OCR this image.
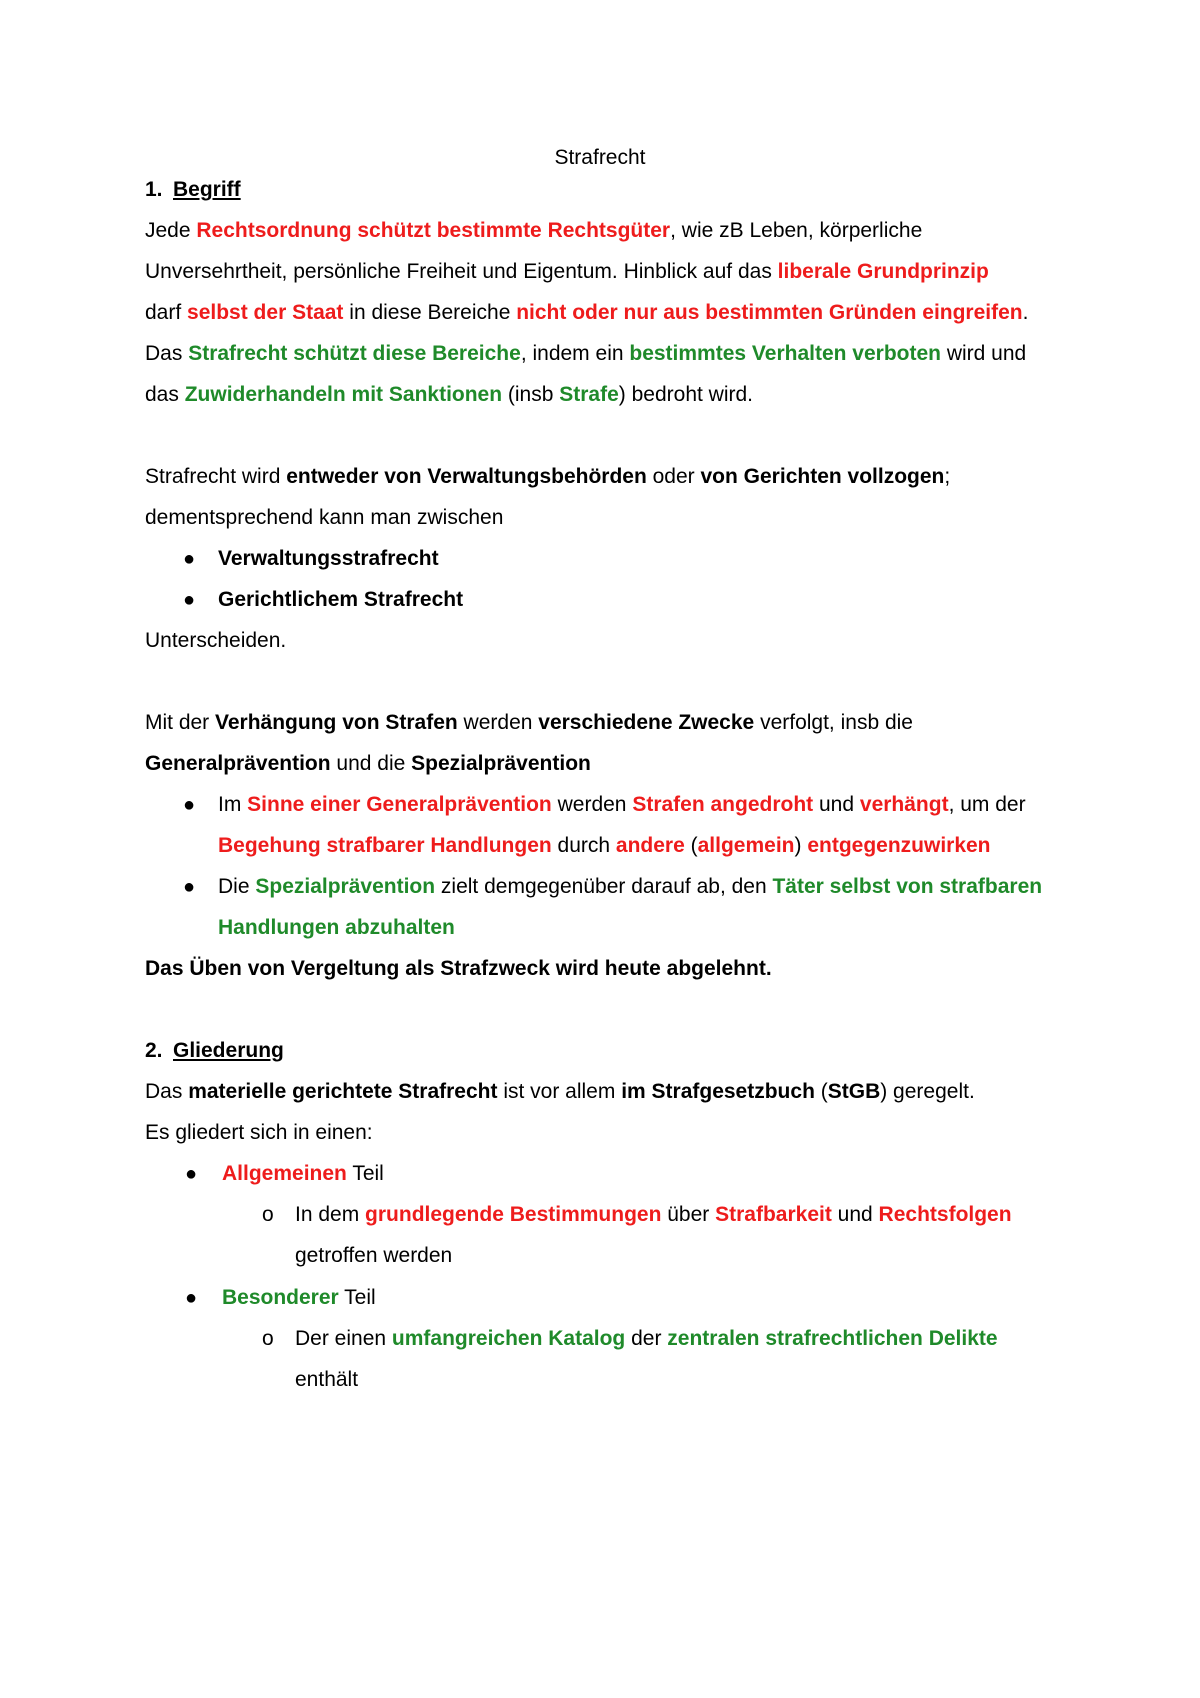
Strafrecht
1. Begriff
Jede Rechtsordnung schützt bestimmte Rechtsgüter, wie zB Leben, körperliche
Unversehrtheit, persönliche Freiheit und Eigentum. Hinblick auf das liberale Grundprinzip
darf selbst der Staat in diese Bereiche nicht oder nur aus bestimmten Gründen eingreifen.
Das Strafrecht schützt diese Bereiche, indem ein bestimmtes Verhalten verboten wird und
das Zuwiderhandeln mit Sanktionen (insb Strafe) bedroht wird.
Strafrecht wird entweder von Verwaltungsbehörden oder von Gerichten vollzogen;
dementsprechend kann man zwischen
● Verwaltungsstrafrecht
● Gerichtlichem Strafrecht
Unterscheiden.
Mit der Verhängung von Strafen werden verschiedene Zwecke verfolgt, insb die
Generalprävention und die Spezialprävention
● Im Sinne einer Generalprävention werden Strafen angedroht und verhängt, um der
Begehung strafbarer Handlungen durch andere (allgemein) entgegenzuwirken
● Die Spezialprävention zielt demgegenüber darauf ab, den Täter selbst von strafbaren
Handlungen abzuhalten
Das Üben von Vergeltung als Strafzweck wird heute abgelehnt.
2. Gliederung
Das materielle gerichtete Strafrecht ist vor allem im Strafgesetzbuch (StGB) geregelt.
Es gliedert sich in einen:
● Allgemeinen Teil
o In dem grundlegende Bestimmungen über Strafbarkeit und Rechtsfolgen
getroffen werden
● Besonderer Teil
o Der einen umfangreichen Katalog der zentralen strafrechtlichen Delikte
enthält
